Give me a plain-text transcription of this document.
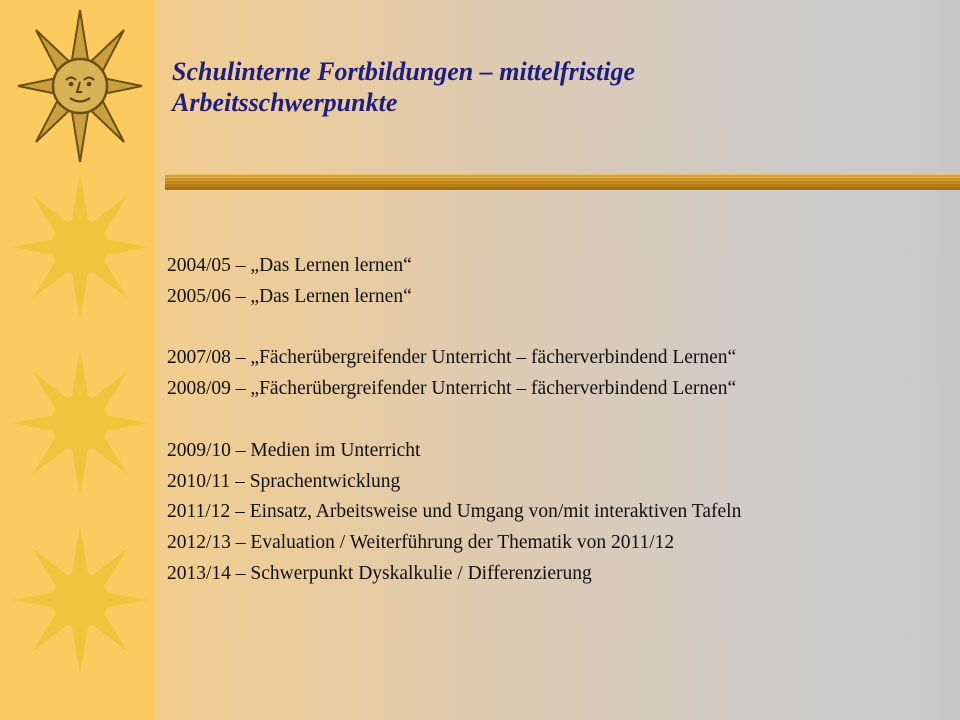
Schulinterne Fortbildungen – mittelfristige
Arbeitsschwerpunkte
2004/05 – „Das Lernen lernen“
2005/06 – „Das Lernen lernen“
2007/08 – „Fächerübergreifender Unterricht – fächerverbindend Lernen“
2008/09 – „Fächerübergreifender Unterricht – fächerverbindend Lernen“
2009/10 – Medien im Unterricht
2010/11 – Sprachentwicklung
2011/12 – Einsatz, Arbeitsweise und Umgang von/mit interaktiven Tafeln
2012/13 – Evaluation / Weiterführung der Thematik von 2011/12
2013/14 – Schwerpunkt Dyskalkulie / Differenzierung
